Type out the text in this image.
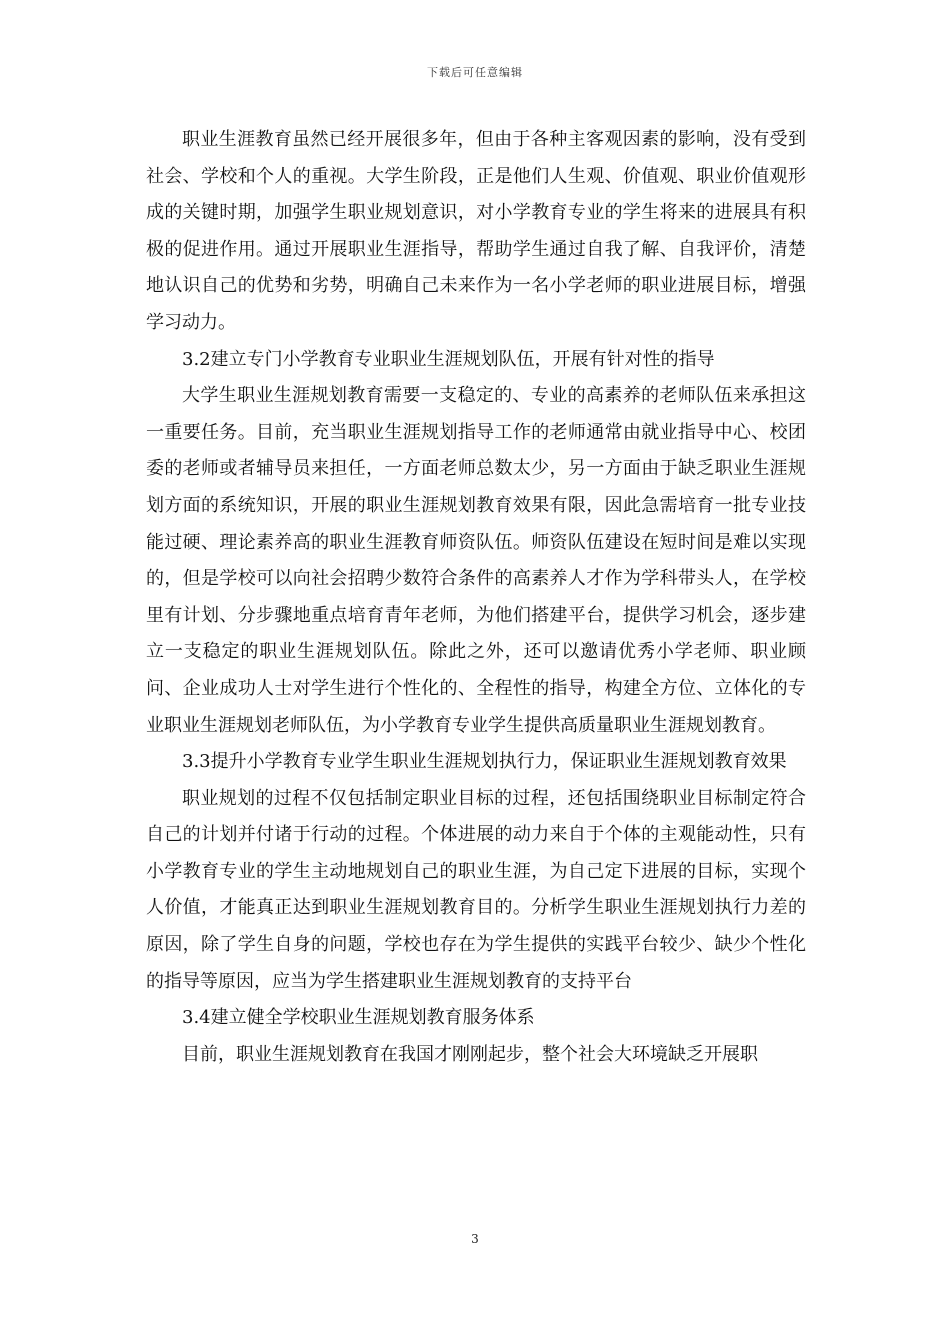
下载后可任意编辑

职业生涯教育虽然已经开展很多年，但由于各种主客观因素的影响，没有受到社会、学校和个人的重视。大学生阶段，正是他们人生观、价值观、职业价值观形成的关键时期，加强学生职业规划意识，对小学教育专业的学生将来的进展具有积极的促进作用。通过开展职业生涯指导，帮助学生通过自我了解、自我评价，清楚地认识自己的优势和劣势，明确自己未来作为一名小学老师的职业进展目标，增强学习动力。

3.2建立专门小学教育专业职业生涯规划队伍，开展有针对性的指导

大学生职业生涯规划教育需要一支稳定的、专业的高素养的老师队伍来承担这一重要任务。目前，充当职业生涯规划指导工作的老师通常由就业指导中心、校团委的老师或者辅导员来担任，一方面老师总数太少，另一方面由于缺乏职业生涯规划方面的系统知识，开展的职业生涯规划教育效果有限，因此急需培育一批专业技能过硬、理论素养高的职业生涯教育师资队伍。师资队伍建设在短时间是难以实现的，但是学校可以向社会招聘少数符合条件的高素养人才作为学科带头人，在学校里有计划、分步骤地重点培育青年老师，为他们搭建平台，提供学习机会，逐步建立一支稳定的职业生涯规划队伍。除此之外，还可以邀请优秀小学老师、职业顾问、企业成功人士对学生进行个性化的、全程性的指导，构建全方位、立体化的专业职业生涯规划老师队伍，为小学教育专业学生提供高质量职业生涯规划教育。

3.3提升小学教育专业学生职业生涯规划执行力，保证职业生涯规划教育效果

职业规划的过程不仅包括制定职业目标的过程，还包括围绕职业目标制定符合自己的计划并付诸于行动的过程。个体进展的动力来自于个体的主观能动性，只有小学教育专业的学生主动地规划自己的职业生涯，为自己定下进展的目标，实现个人价值，才能真正达到职业生涯规划教育目的。分析学生职业生涯规划执行力差的原因，除了学生自身的问题，学校也存在为学生提供的实践平台较少、缺少个性化的指导等原因，应当为学生搭建职业生涯规划教育的支持平台

3.4建立健全学校职业生涯规划教育服务体系

目前，职业生涯规划教育在我国才刚刚起步，整个社会大环境缺乏开展职

3
